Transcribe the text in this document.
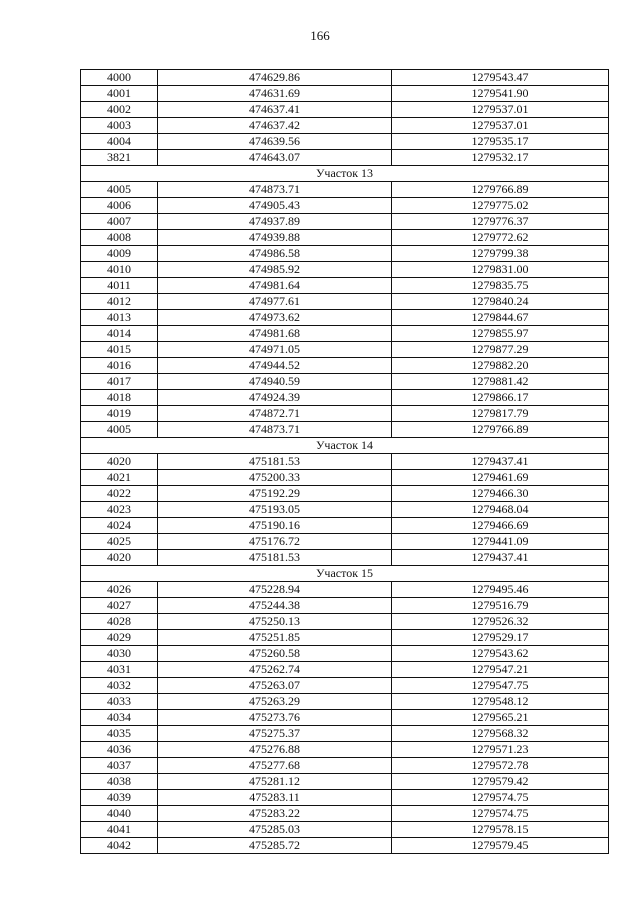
166
4000	474629.86	1279543.47
4001	474631.69	1279541.90
4002	474637.41	1279537.01
4003	474637.42	1279537.01
4004	474639.56	1279535.17
3821	474643.07	1279532.17
Участок 13		
4005	474873.71	1279766.89
4006	474905.43	1279775.02
4007	474937.89	1279776.37
4008	474939.88	1279772.62
4009	474986.58	1279799.38
4010	474985.92	1279831.00
4011	474981.64	1279835.75
4012	474977.61	1279840.24
4013	474973.62	1279844.67
4014	474981.68	1279855.97
4015	474971.05	1279877.29
4016	474944.52	1279882.20
4017	474940.59	1279881.42
4018	474924.39	1279866.17
4019	474872.71	1279817.79
4005	474873.71	1279766.89
Участок 14		
4020	475181.53	1279437.41
4021	475200.33	1279461.69
4022	475192.29	1279466.30
4023	475193.05	1279468.04
4024	475190.16	1279466.69
4025	475176.72	1279441.09
4020	475181.53	1279437.41
Участок 15		
4026	475228.94	1279495.46
4027	475244.38	1279516.79
4028	475250.13	1279526.32
4029	475251.85	1279529.17
4030	475260.58	1279543.62
4031	475262.74	1279547.21
4032	475263.07	1279547.75
4033	475263.29	1279548.12
4034	475273.76	1279565.21
4035	475275.37	1279568.32
4036	475276.88	1279571.23
4037	475277.68	1279572.78
4038	475281.12	1279579.42
4039	475283.11	1279574.75
4040	475283.22	1279574.75
4041	475285.03	1279578.15
4042	475285.72	1279579.45
